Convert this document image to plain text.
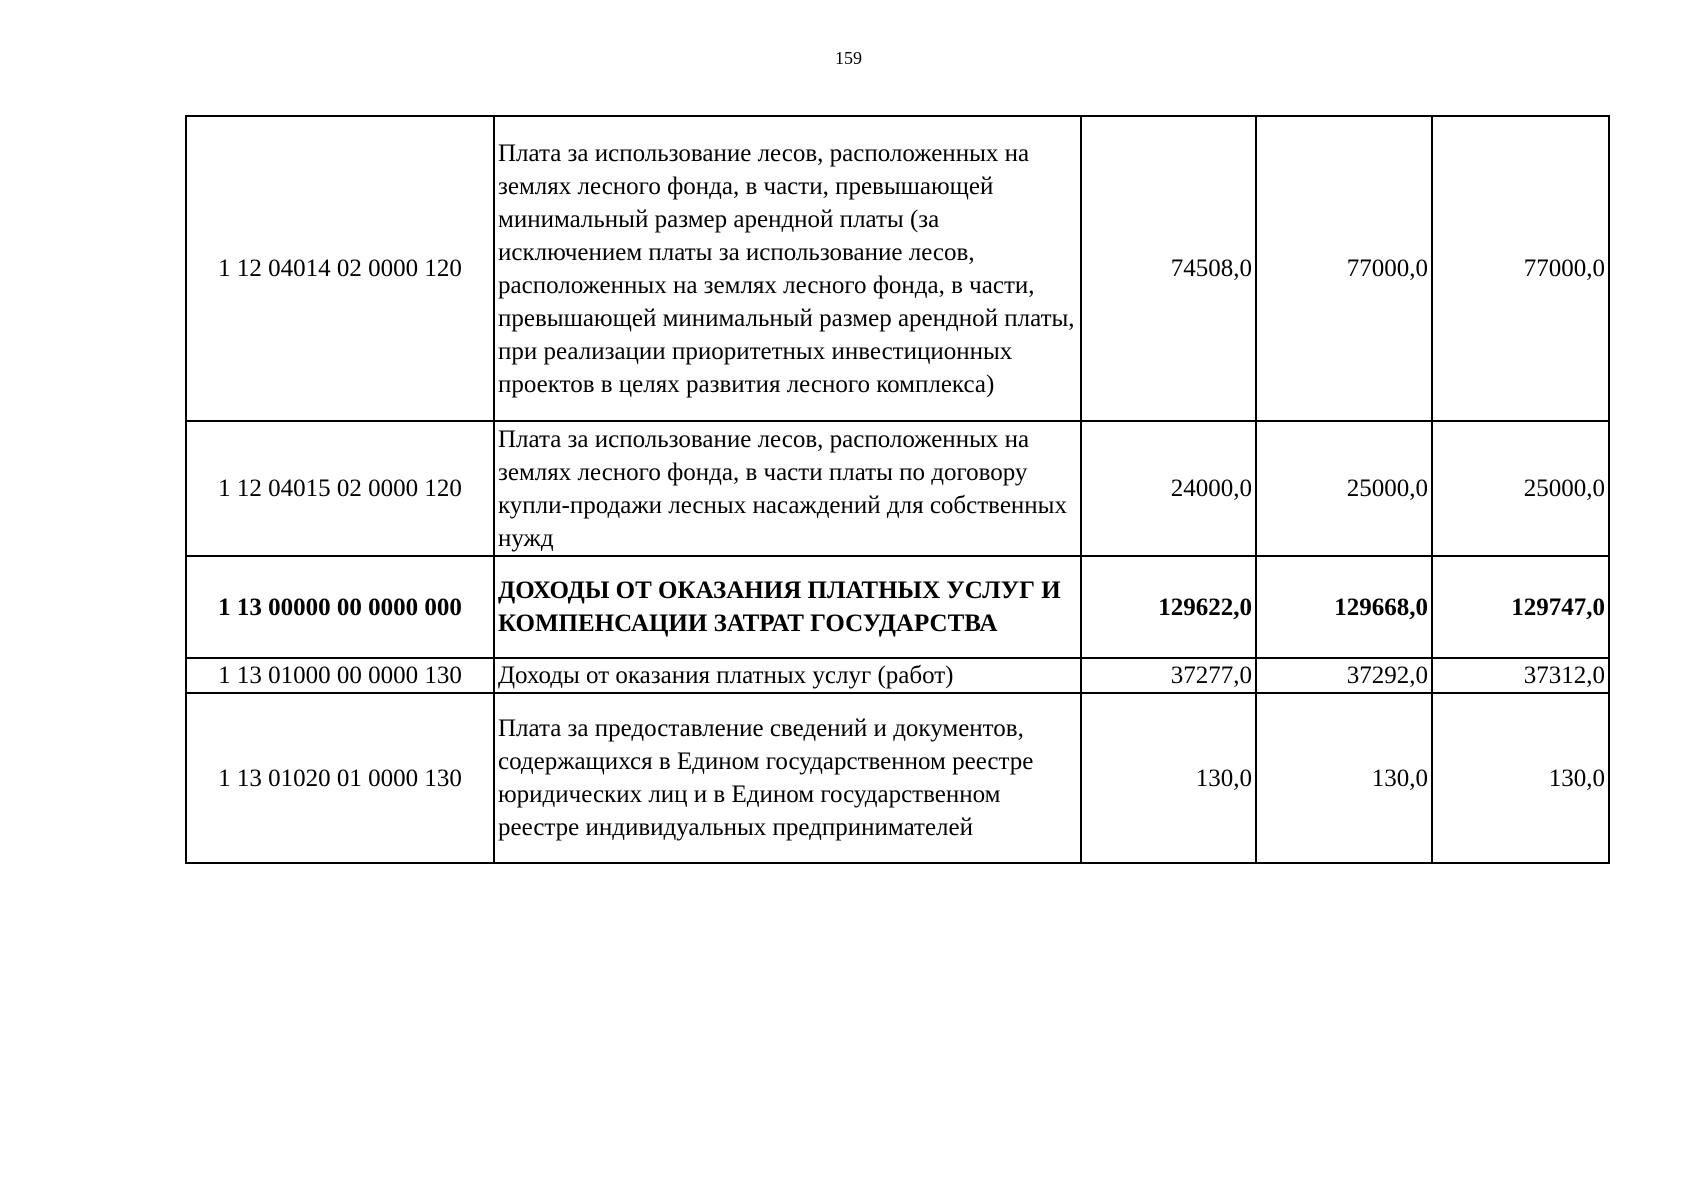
159
1 12 04014 02 0000 120	Плата за использование лесов, расположенных на землях лесного фонда, в части, превышающей минимальный размер арендной платы (за исключением платы за использование лесов, расположенных на землях лесного фонда, в части, превышающей минимальный размер арендной платы, при реализации приоритетных инвестиционных проектов в целях развития лесного комплекса)	74508,0	77000,0	77000,0
1 12 04015 02 0000 120	Плата за использование лесов, расположенных на землях лесного фонда, в части платы по договору купли-продажи лесных насаждений для собственных нужд	24000,0	25000,0	25000,0
1 13 00000 00 0000 000	ДОХОДЫ ОТ ОКАЗАНИЯ ПЛАТНЫХ УСЛУГ И КОМПЕНСАЦИИ ЗАТРАТ ГОСУДАРСТВА	129622,0	129668,0	129747,0
1 13 01000 00 0000 130	Доходы от оказания платных услуг (работ)	37277,0	37292,0	37312,0
1 13 01020 01 0000 130	Плата за предоставление сведений и документов, содержащихся в Едином государственном реестре юридических лиц и в Едином государственном реестре индивидуальных предпринимателей	130,0	130,0	130,0
